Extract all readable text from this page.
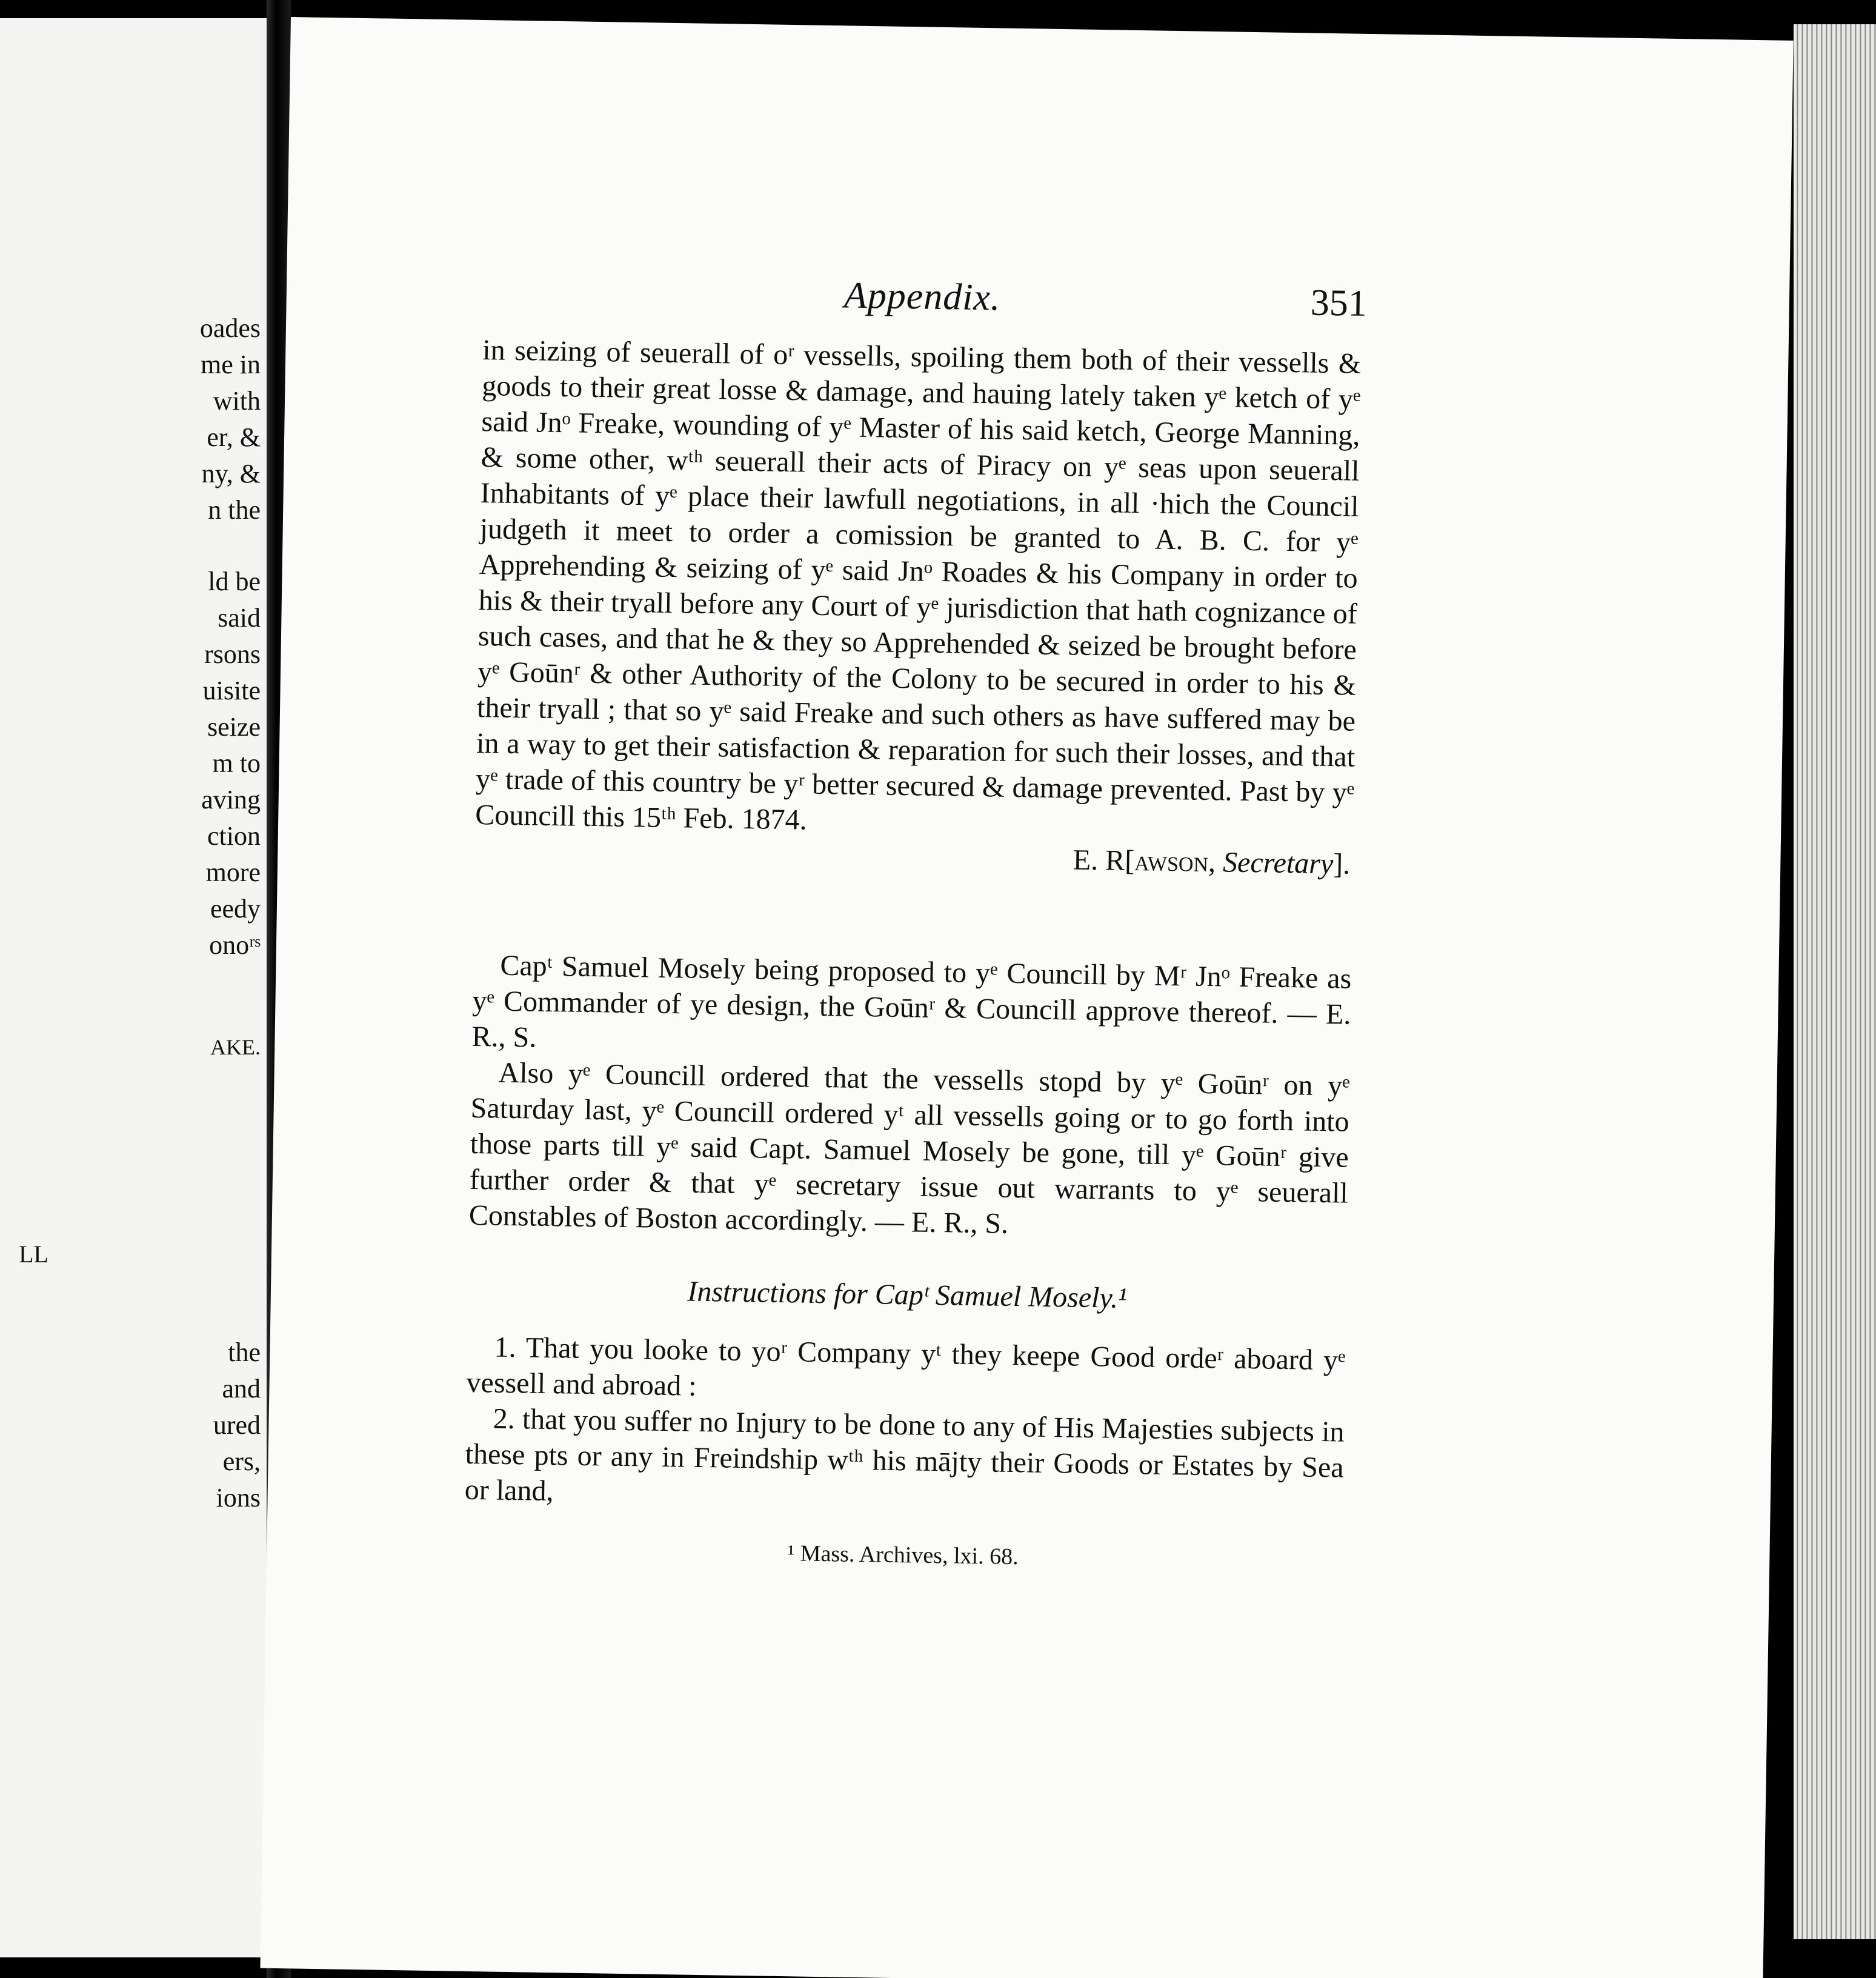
oades
me in
with
er, &
ny, &
n the
ld be
said
rsons
uisite
seize
m to
aving
ction
more
eedy
onoʳˢ
AKE.
LL
the
and
ured
ers,
ions
Appendix.	351

in seizing of seuerall of oʳ vessells, spoiling them both of their vessells & goods to their great losse & damage, and hauing lately taken yᵉ ketch of yᵉ said Jnᵒ Freake, wounding of yᵉ Master of his said ketch, George Manning, & some other, wᵗʰ seuerall their acts of Piracy on yᵉ seas upon seuerall Inhabitants of yᵉ place their lawfull negotiations, in all ·hich the Council judgeth it meet to order a comission be granted to A. B. C. for yᵉ Apprehending & seizing of yᵉ said Jnᵒ Roades & his Company in order to his & their tryall before any Court of yᵉ jurisdiction that hath cognizance of such cases, and that he & they so Apprehended & seized be brought before yᵉ Goūnʳ & other Authority of the Colony to be secured in order to his & their tryall ; that so yᵉ said Freake and such others as have suffered may be in a way to get their satisfaction & reparation for such their losses, and that yᵉ trade of this country be yʳ better secured & damage prevented. Past by yᵉ Councill this 15ᵗʰ Feb. 1874.

E. R[awson, Secretary].

Capᵗ Samuel Mosely being proposed to yᵉ Councill by Mʳ Jnᵒ Freake as yᵉ Commander of ye design, the Goūnʳ & Councill approve thereof. — E. R., S.

Also yᵉ Councill ordered that the vessells stopd by yᵉ Goūnʳ on yᵉ Saturday last, yᵉ Councill ordered yᵗ all vessells going or to go forth into those parts till yᵉ said Capt. Samuel Mosely be gone, till yᵉ Goūnʳ give further order & that yᵉ secretary issue out warrants to yᵉ seuerall Constables of Boston accordingly. — E. R., S.

Instructions for Capᵗ Samuel Mosely.¹

1. That you looke to yoʳ Company yᵗ they keepe Good ordeʳ aboard yᵉ vessell and abroad :

2. that you suffer no Injury to be done to any of His Majesties subjects in these pts or any in Freindship wᵗʰ his mājty their Goods or Estates by Sea or land,

¹ Mass. Archives, lxi. 68.
